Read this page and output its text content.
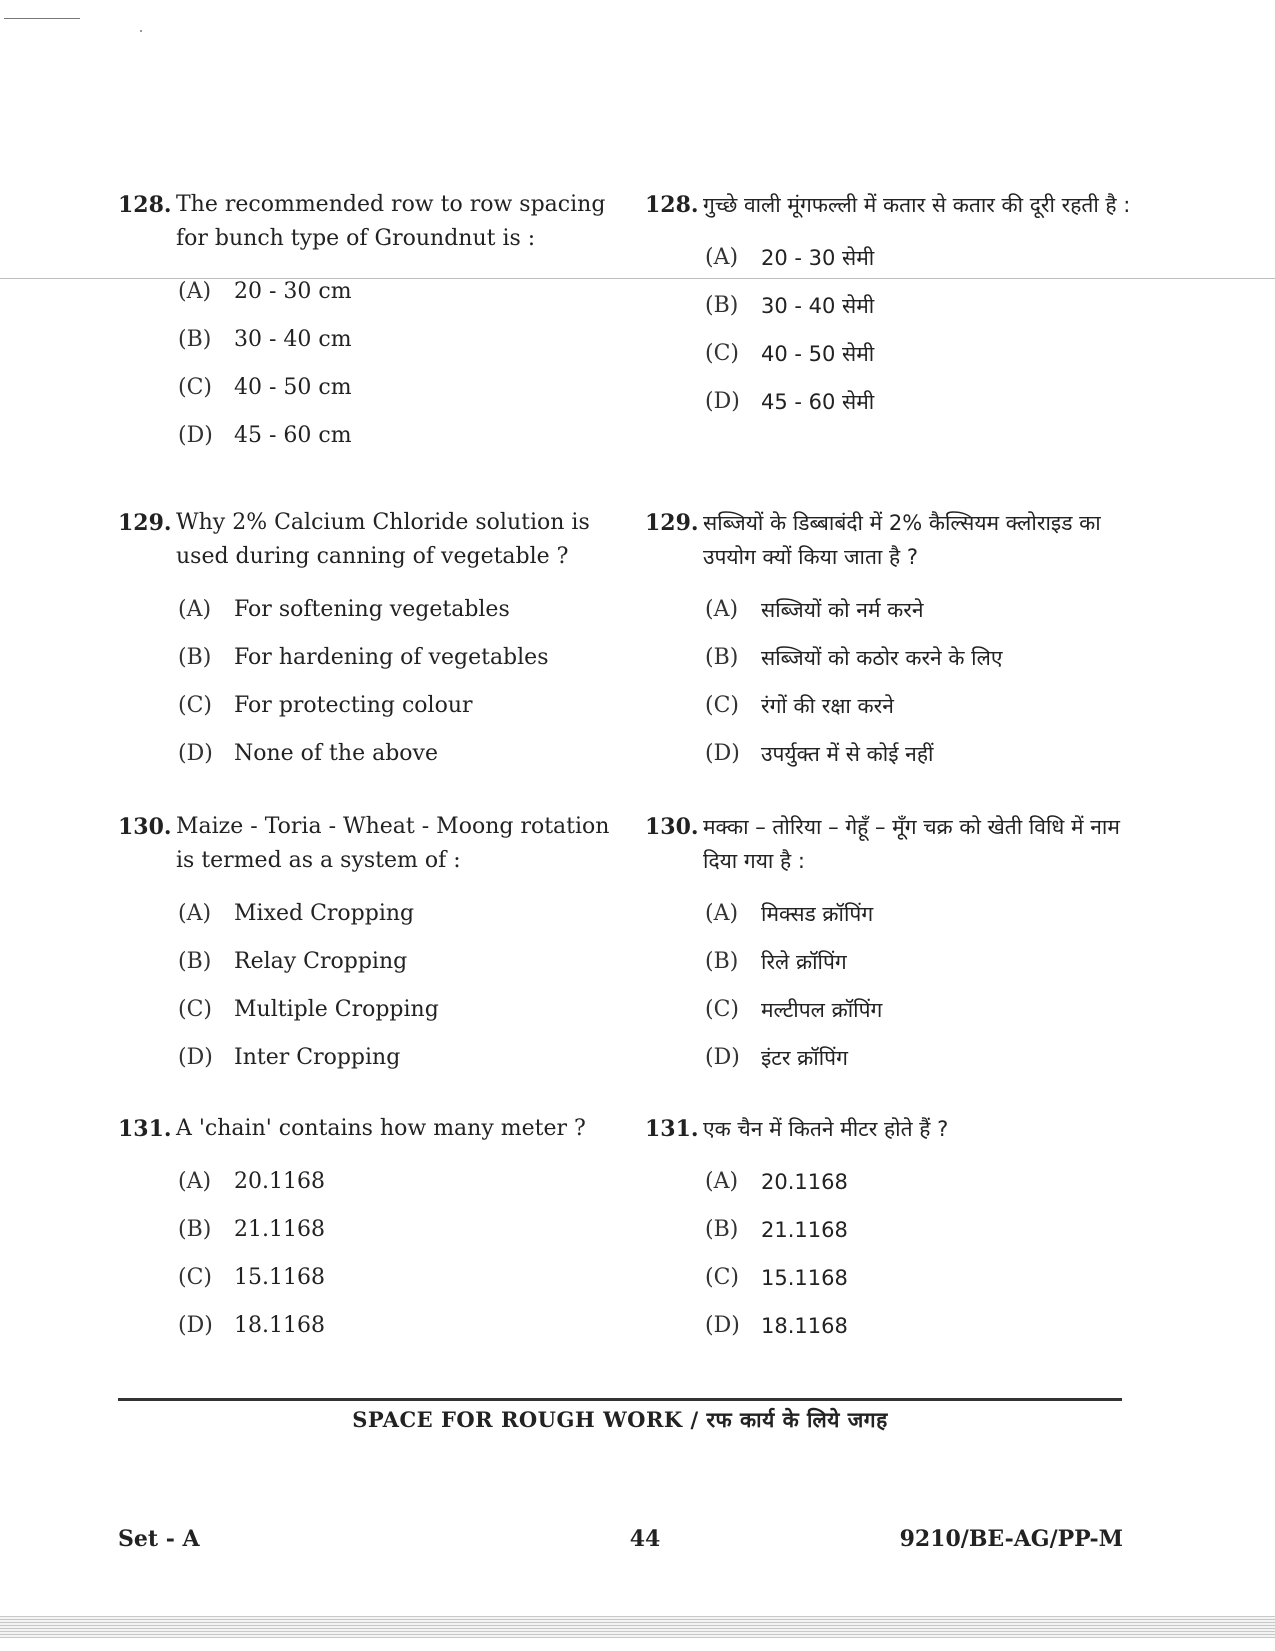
128. The recommended row to row spacing for bunch type of Groundnut is :
(A)	20 - 30 cm
(B)	30 - 40 cm
(C)	40 - 50 cm
(D) 45 - 60 cm
129. Why 2% Calcium Chloride solution is used during canning of vegetable ?
(A)	For softening vegetables
(B)	For hardening of vegetables
(C)	For protecting colour
(D) None of the above
130. Maize - Toria - Wheat - Moong rotation is termed as a system of :
(A)	Mixed Cropping
(B)	Relay Cropping
(C)	Multiple Cropping
(D) Inter Cropping
131. A 'chain' contains how many meter ?
(A)	20.1168
(B)	21.1168
(C)	15.1168
(D) 18.1168
128. गुच्छे वाली मूंगफल्ली में कतार से कतार की दूरी रहती है :
(A)	20 - 30 सेमी
(B)	30 - 40 सेमी
(C)	40 - 50 सेमी
(D)	45 - 60 सेमी
129. सब्जियों के डिब्बाबंदी में 2% कैल्सियम क्लोराइड का उपयोग क्यों किया जाता है ?
(A)	सब्जियों को नर्म करने
(B)	सब्जियों को कठोर करने के लिए
(C)	रंगों की रक्षा करने
(D)	उपर्युक्त में से कोई नहीं
130. मक्का – तोरिया – गेहूँ – मूँग चक्र को खेती विधि में नाम दिया गया है :
(A)	मिक्सड क्रॉपिंग
(B)	रिले क्रॉपिंग
(C)	मल्टीपल क्रॉपिंग
(D)	इंटर क्रॉपिंग
131. एक चैन में कितने मीटर होते हैं ?
(A)	20.1168
(B)	21.1168
(C)	15.1168
(D)	18.1168
SPACE FOR ROUGH WORK / रफ कार्य के लिये जगह
Set - A	44	9210/BE-AG/PP-M
